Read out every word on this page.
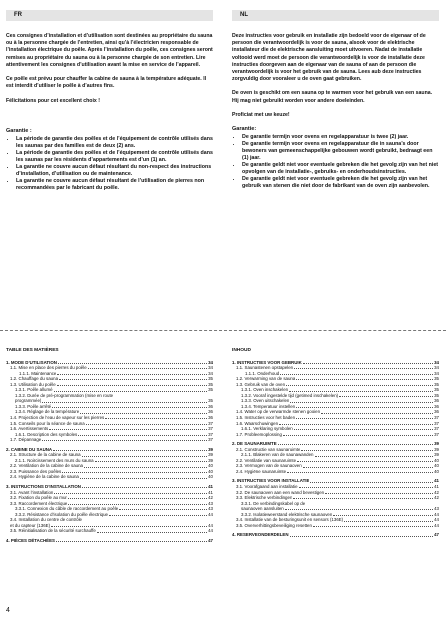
FR

Ces consignes d’installation et d’utilisation sont destinées au propriétaire du sauna ou à la personne chargée de l’entretien, ainsi qu’à l’électricien responsable de l’installation électrique du poêle. Après l’installation du poêle, ces consignes seront remises au propriétaire du sauna ou à la personne chargée de son entretien. Lire attentivement les consignes d’utilisation avant la mise en service de l’appareil.

Ce poêle est prévu pour chauffer la cabine de sauna à la température adéquate. Il est interdit d’utiliser le poêle à d’autres fins.

Félicitations pour cet excellent choix !

Garantie :
• La période de garantie des poêles et de l’équipement de contrôle utilisés dans les saunas par des familles est de deux (2) ans.
• La période de garantie des poêles et de l’équipement de contrôle utilisés dans les saunas par les résidents d’appartements est d’un (1) an.
• La garantie ne couvre aucun défaut résultant du non-respect des instructions d’installation, d’utilisation ou de maintenance.
• La garantie ne couvre aucun défaut résultant de l’utilisation de pierres non recommandées par le fabricant du poêle.
NL

Deze instructies voor gebruik en installatie zijn bedoeld voor de eigenaar of de persoon die verantwoordelijk is voor de sauna, alsook voor de elektrische installateur die de elektrische aansluiting moet uitvoeren. Nadat de installatie voltooid werd moet de persoon die verantwoordelijk is voor de installatie deze instructies doorgeven aan de eigenaar van de sauna of aan de persoon die verantwoordelijk is voor het gebruik van de sauna. Lees aub deze instructies zorgvuldig door vooraleer u de oven gaat gebruiken.

De oven is geschikt om een sauna op te warmen voor het gebruik van een sauna. Hij mag niet gebruikt worden voor andere doeleinden.

Proficiat met uw keuze!

Garantie:
• De garantie termijn voor ovens en regelapparatuur is twee (2) jaar.
• De garantie termijn voor ovens en regelapparatuur die in sauna’s door bewoners van gemeenschappelijke gebouwen wordt gebruikt, bedraagt een (1) jaar.
• De garantie geldt niet voor eventuele gebreken die het gevolg zijn van het niet opvolgen van de installatie-, gebruiks- en onderhoudsinstructies.
• De garantie geldt niet voor eventuele gebreken die het gevolg zijn van het gebruik van stenen die niet door de fabrikant van de oven zijn aanbevolen.
TABLE DES MATIÈRES
1. MODE D’UTILISATION	34
1.1. Mise en place des pierres du poêle	34
1.1.1. Maintenance	34
1.2. Chauffage du sauna	35
1.3. Utilisation du poêle	35
1.3.1. Poêle allumé	35
1.3.2. Durée de pré-programmation (mise en route
programmée)	35
1.3.3. Poêle arrêté	36
1.3.4. Réglage de la température	36
1.4. Projection de l’eau de vapeur sur les pierres	36
1.5. Conseils pour la séance de sauna	37
1.6. Avertissements	37
1.6.1. Description des symboles	37
1.7. Dépannage	37
2. CABINE DU SAUNA	39
2.1. Structure de la cabine de sauna	39
2.1.1. Noircissement des murs du sauna	39
2.2. Ventilation de la cabine de sauna	40
2.3. Puissance des poêles	40
2.4. Hygiène de la cabine de sauna	40
3. INSTRUCTIONS D’INSTALLATION	41
3.1. Avant l’installation	41
3.2. Fixation du poêle au mur	42
3.3. Raccordement électrique	43
3.3.1. Connexion du câble de raccordement au poêle	43
3.3.2. Résistance d’isolation du poêle électrique	44
3.4. Installation du centre de contrôle
et du capteur (136E)	44
3.5. Réinitialisation de la sécurité surchauffe	44
4. PIÈCES DÉTACHÉES	47
INHOUD
1. INSTRUCTIES VOOR GEBRUIK	34
1.1. Saunastenen opstapelen	34
1.1.1. Onderhoud	34
1.2. Verwarming van de sauna	35
1.3. Gebruik van de oven	35
1.3.1. Oven inschakelen	35
1.3.2. Vooraf ingestelde tijd (getimed inschakelen)	35
1.3.3. Oven uitschakelen	36
1.3.4. Temperatuur instellen	36
1.4. Water op de verwarmde stenen gooien	36
1.5. Instructies voor het baden	37
1.6. Waarschuwingen	37
1.6.1. Verklaring symbolen	37
1.7. Probleemoplossing	37
2. DE SAUNARUIMTE	39
2.1. Constructie van saunaruimte	39
2.1.1. Blakeren van de saunawanden	39
2.2. Ventilatie van saunaruimte	40
2.3. Vermogen van de saunaoven	40
2.4. Hygiëne saunaruimte	40
3. INSTRUCTIES VOOR INSTALLATIE	41
3.1. Voorafgaand aan installatie	41
3.2. De saunaoven aan een wand bevestigen	42
3.3. Elektrische verbindingen	42
3.3.1. De verbindingskabel op de
saunaoven aansluiten	43
3.3.2. Isolatieweerstand elektrische saunaoven	44
3.4. Installatie van de besturingsunit en sensors (136E)	44
3.5. Oververhittingsbeveiliging resetten	44
4. RESERVEONDERDELEN	47
4
